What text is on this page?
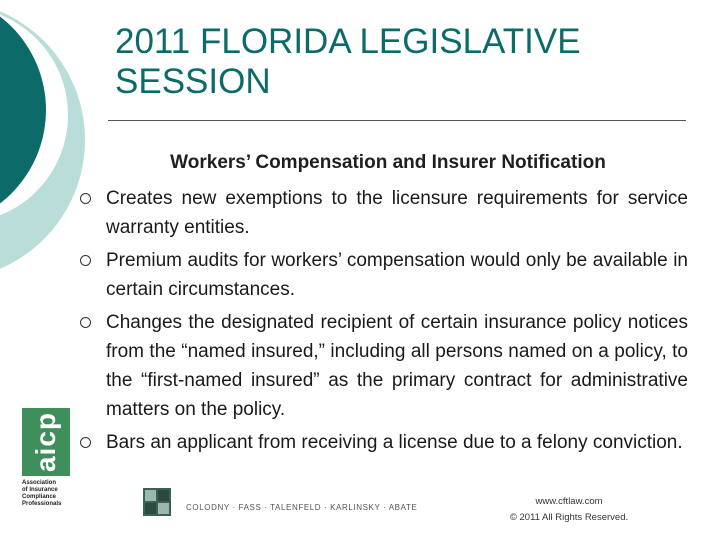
2011 FLORIDA LEGISLATIVE
SESSION
Workers’ Compensation and Insurer Notification
Creates new exemptions to the licensure requirements for service warranty entities.
Premium audits for workers’ compensation would only be available in certain circumstances.
Changes the designated recipient of certain insurance policy notices from the “named insured,” including all persons named on a policy, to the “first-named insured” as the primary contract for administrative matters on the policy.
Bars an applicant from receiving a license due to a felony conviction.
aicp
Association
of Insurance
Compliance
Professionals	COLODNY · FASS · TALENFELD · KARLINSKY · ABATE
www.cftlaw.com
© 2011 All Rights Reserved.
